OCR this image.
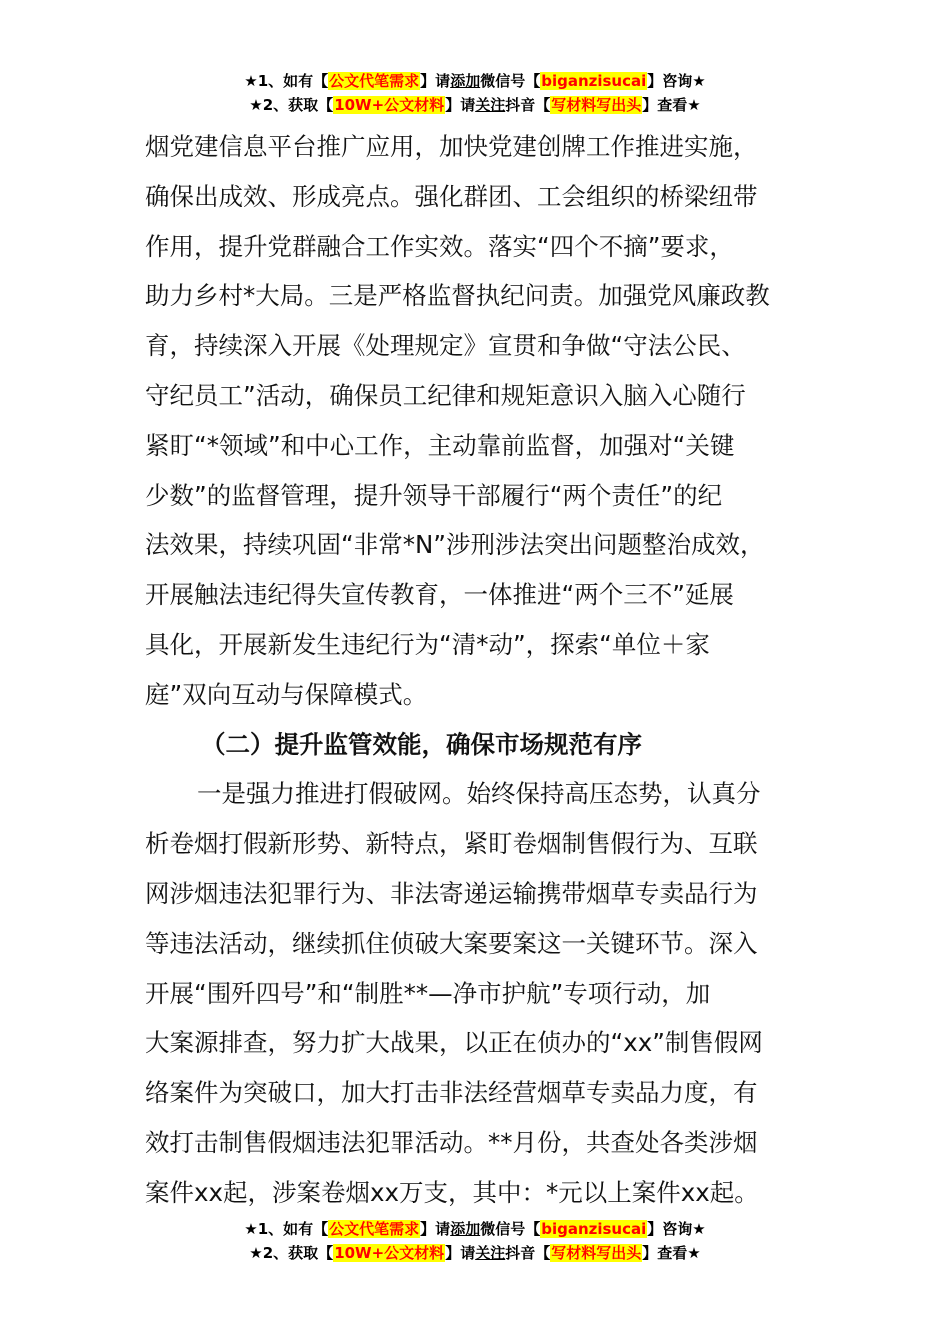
★1、如有【公文代笔需求】请添加微信号【biganzisucai】咨询★
★2、获取【10W+公文材料】请关注抖音【写材料写出头】查看★
烟党建信息平台推广应用，加快党建创牌工作推进实施，
确保出成效、形成亮点。强化群团、工会组织的桥梁纽带
作用，提升党群融合工作实效。落实“四个不摘”要求，
助力乡村*大局。三是严格监督执纪问责。加强党风廉政教
育，持续深入开展《处理规定》宣贯和争做“守法公民、
守纪员工”活动，确保员工纪律和规矩意识入脑入心随行
紧盯“*领域”和中心工作，主动靠前监督，加强对“关键
少数”的监督管理，提升领导干部履行“两个责任”的纪
法效果，持续巩固“非常*N”涉刑涉法突出问题整治成效，
开展触法违纪得失宣传教育，一体推进“两个三不”延展
具化，开展新发生违纪行为“清*动”，探索“单位＋家
庭”双向互动与保障模式。
（二）提升监管效能，确保市场规范有序
一是强力推进打假破网。始终保持高压态势，认真分
析卷烟打假新形势、新特点，紧盯卷烟制售假行为、互联
网涉烟违法犯罪行为、非法寄递运输携带烟草专卖品行为
等违法活动，继续抓住侦破大案要案这一关键环节。深入
开展“围歼四号”和“制胜**—净市护航”专项行动，加
大案源排查，努力扩大战果，以正在侦办的“xx”制售假网
络案件为突破口，加大打击非法经营烟草专卖品力度，有
效打击制售假烟违法犯罪活动。**月份，共查处各类涉烟
案件xx起，涉案卷烟xx万支，其中：*元以上案件xx起。
★1、如有【公文代笔需求】请添加微信号【biganzisucai】咨询★
★2、获取【10W+公文材料】请关注抖音【写材料写出头】查看★
